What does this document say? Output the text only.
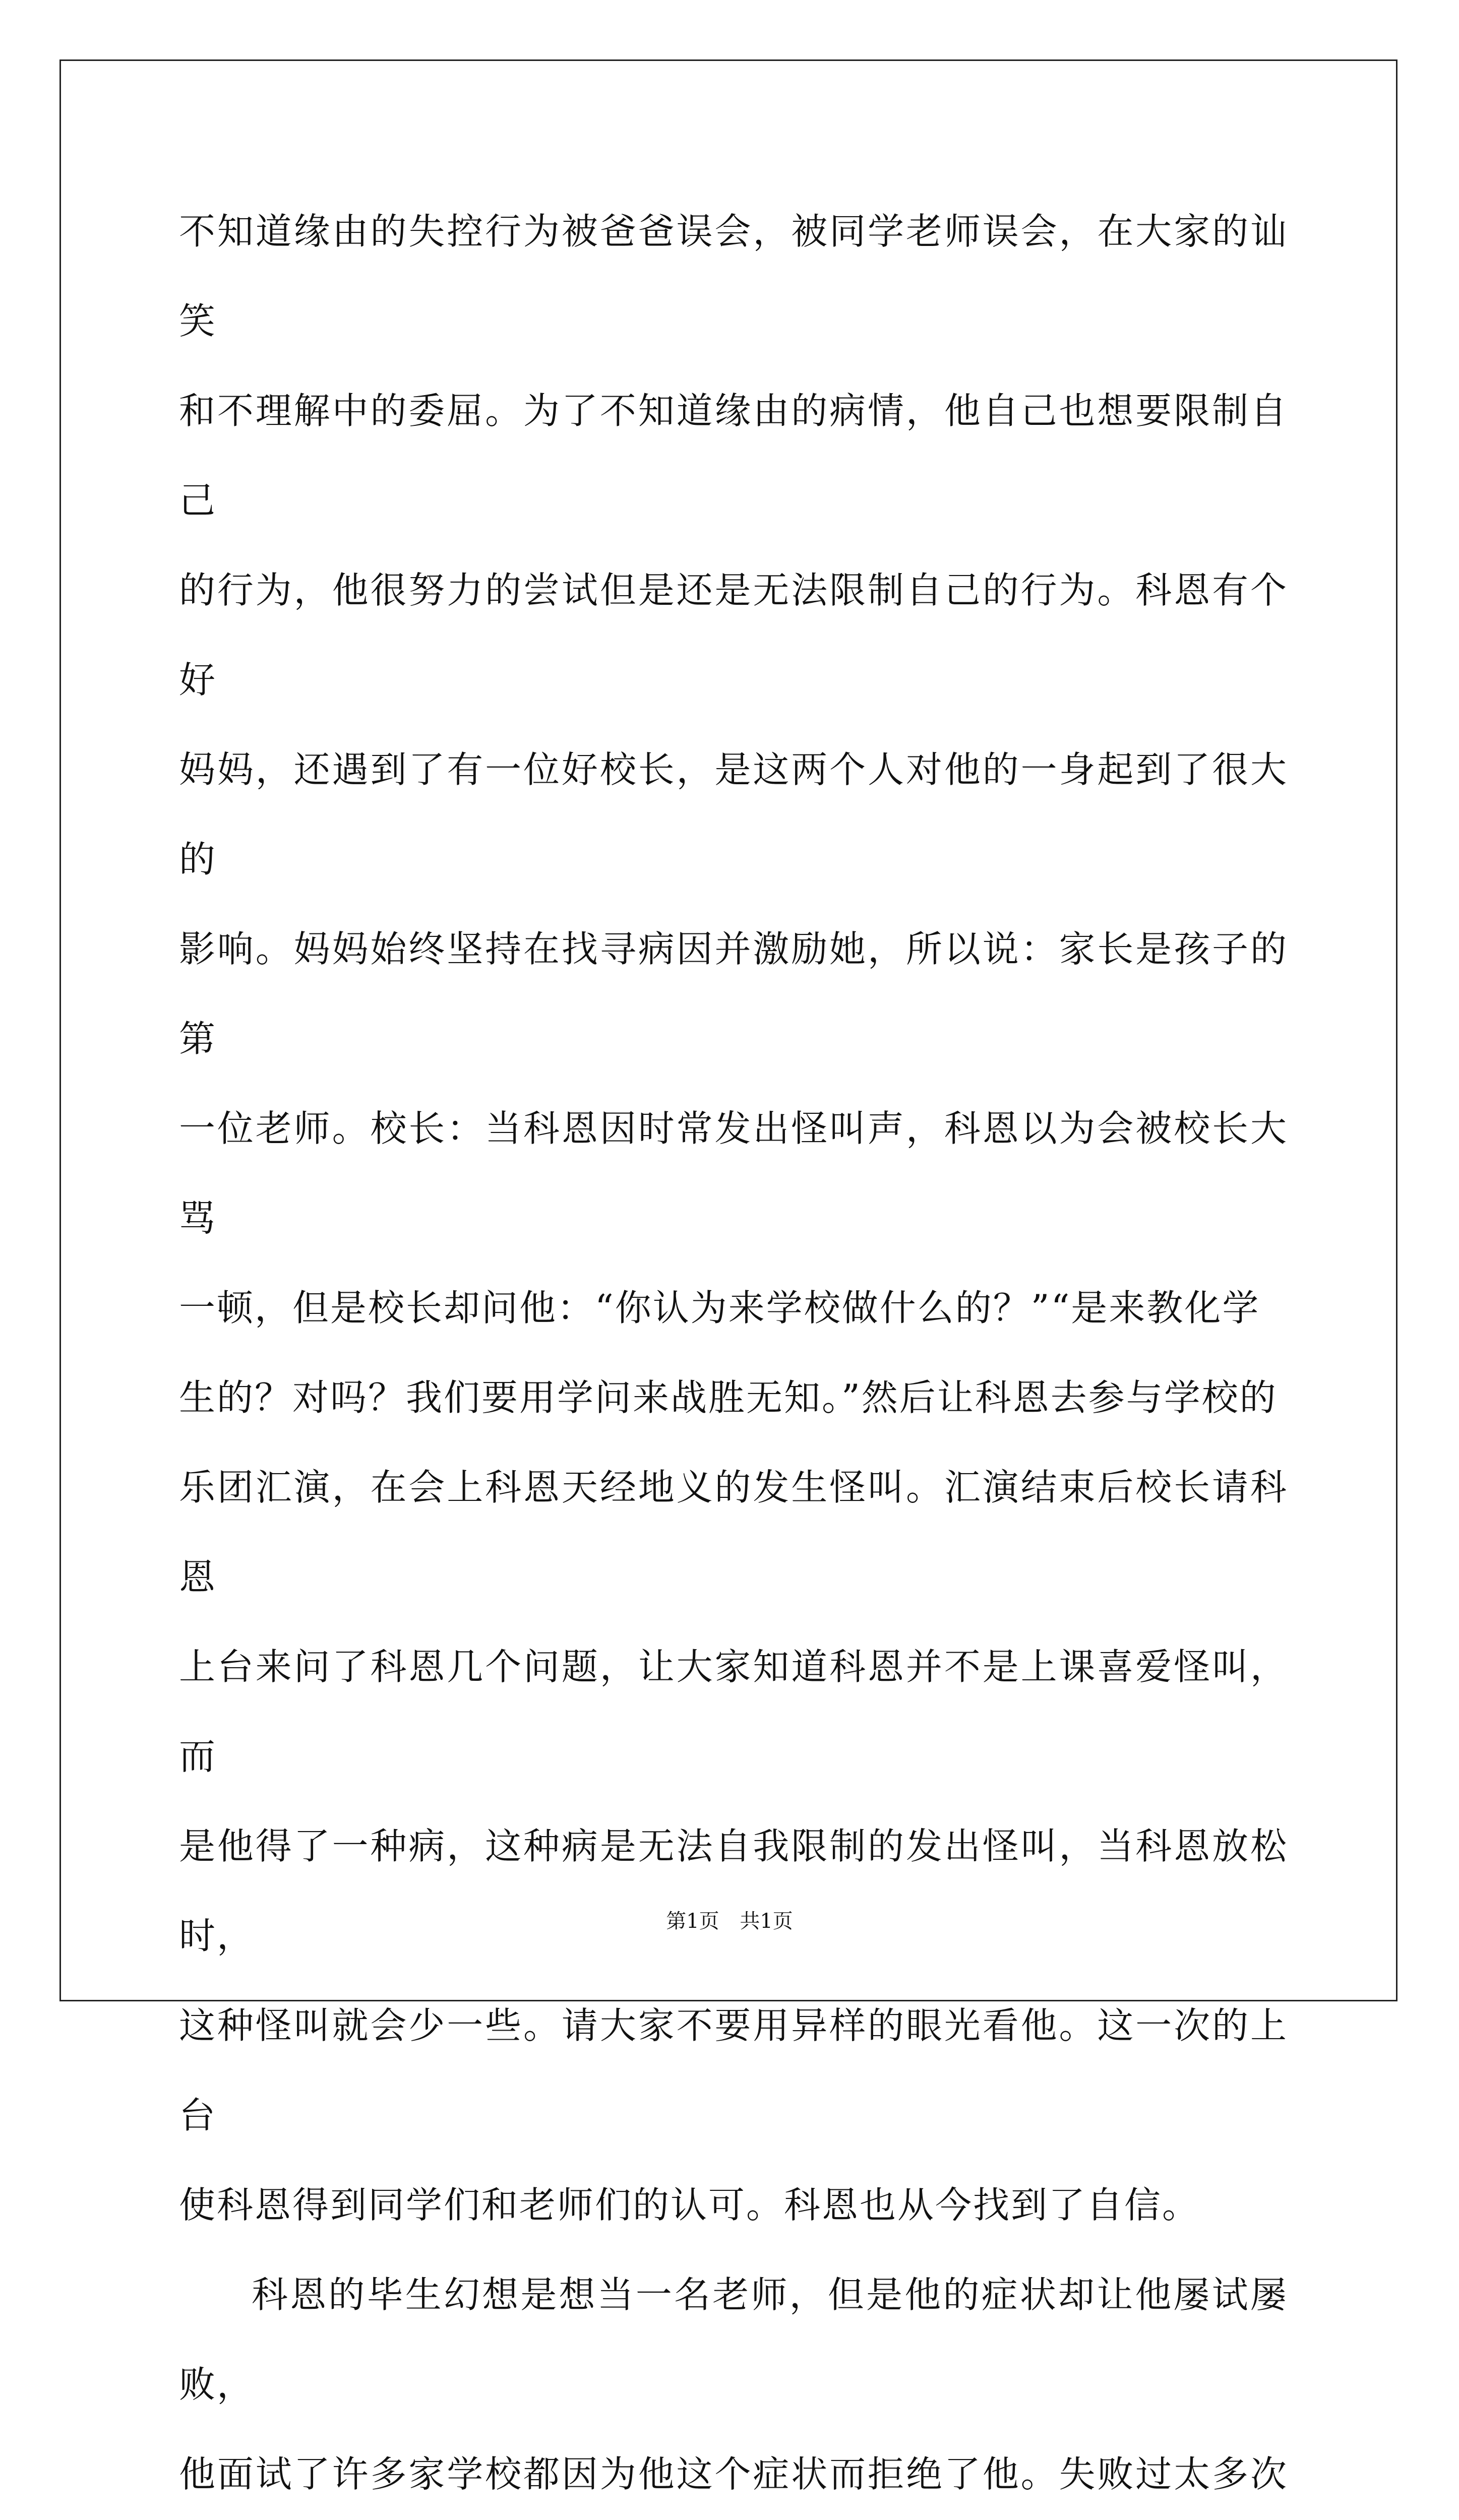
不知道缘由的失控行为被爸爸误会，被同学老师误会，在大家的讪笑
和不理解中的委屈。为了不知道缘由的病情，他自己也想要限制自己
的行为，他很努力的尝试但是还是无法限制自己的行为。科恩有个好
妈妈，还遇到了有一位好校长，是这两个人对他的一身起到了很大的
影响。妈妈始终坚持在找寻病因并激励她，所以说：家长是孩子的第
一位老师。校长：当科恩因时常发出怪叫声，科恩以为会被校长大骂
一顿，但是校长却问他：“你认为来学校做什么的？”“是来教化学
生的？对吗？我们要用学问来战胜无知。”然后让科恩去参与学校的
乐团汇演，在会上科恩天经地义的发生怪叫。汇演结束后校长请科恩
上台来问了科恩几个问题，让大家知道科恩并不是上课喜爱怪叫，而
是他得了一种病，这种病是无法自我限制的发出怪叫，当科恩放松时，
这种怪叫就会少一些。请大家不要用异样的眼光看他。这一次的上台
使科恩得到同学们和老师们的认可。科恩也从今找到了自信。

科恩的毕生幻想是想当一名老师，但是他的症状却让他屡试屡败，
他面试了许多家学校都因为他这个症状而拒绝了他。失败过太多次

第1页 共1页
